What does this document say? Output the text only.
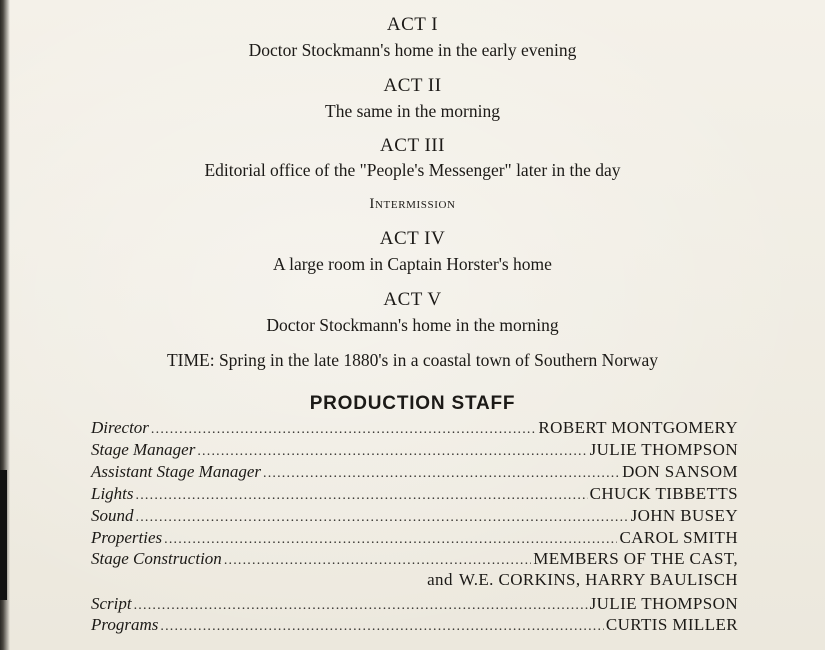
ACT I
Doctor Stockmann's home in the early evening
ACT II
The same in the morning
ACT III
Editorial office of the "People's Messenger" later in the day
Intermission
ACT IV
A large room in Captain Horster's home
ACT V
Doctor Stockmann's home in the morning
TIME: Spring in the late 1880's in a coastal town of Southern Norway
PRODUCTION STAFF
Director .....	ROBERT MONTGOMERY
Stage Manager .....	JULIE THOMPSON
Assistant Stage Manager .....	DON SANSOM
Lights .....	CHUCK TIBBETTS
Sound .....	JOHN BUSEY
Properties .....	CAROL SMITH
Stage Construction .....	MEMBERS OF THE CAST,
and W.E. CORKINS, HARRY BAULISCH
Script .....	JULIE THOMPSON
Programs .....	CURTIS MILLER
